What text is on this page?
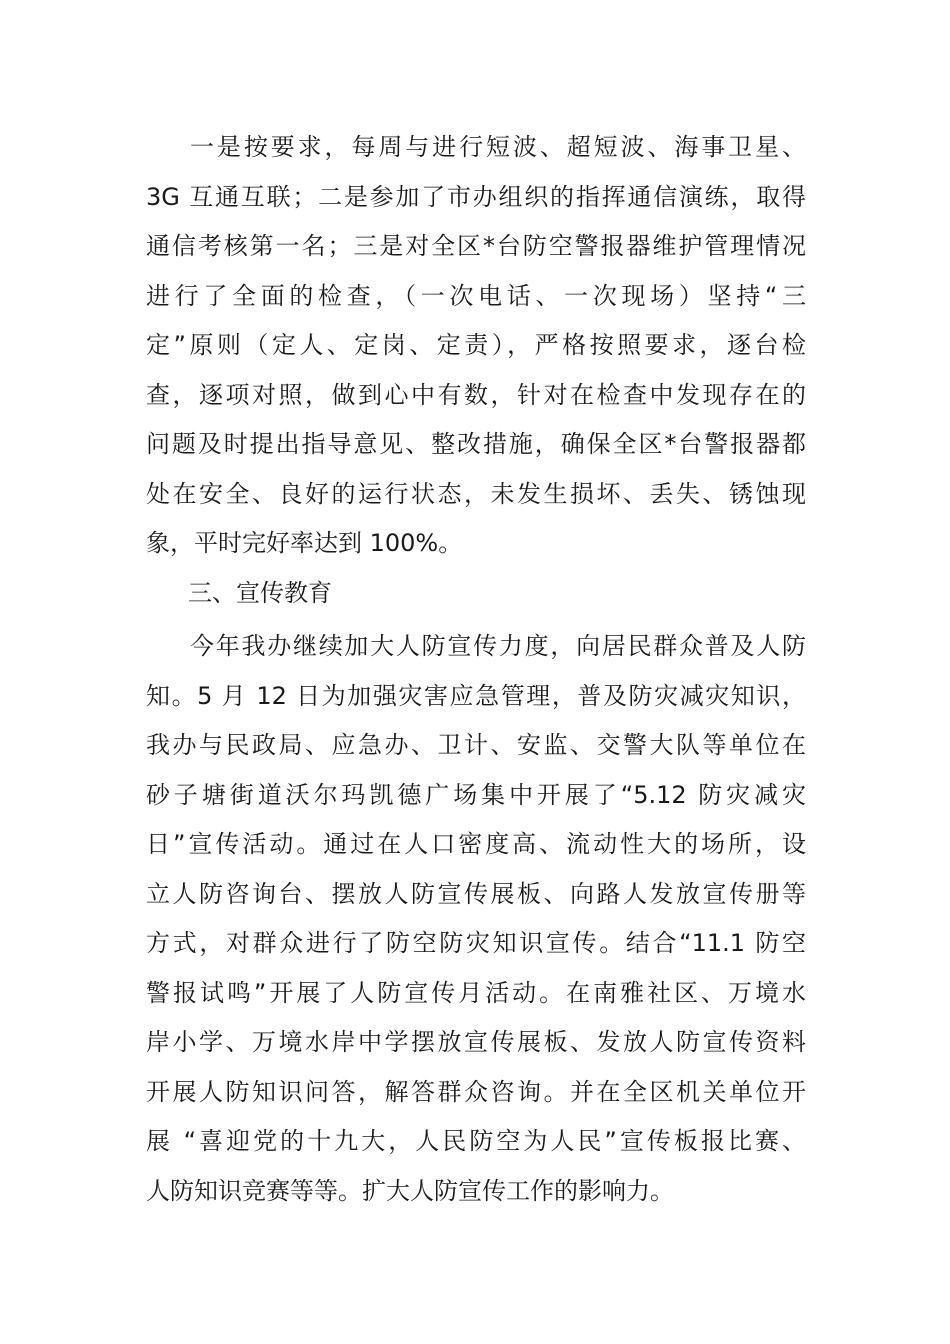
一是按要求，每周与进行短波、超短波、海事卫星、
3G 互通互联；二是参加了市办组织的指挥通信演练，取得
通信考核第一名；三是对全区*台防空警报器维护管理情况
进行了全面的检查，（一次电话、一次现场）坚持“三
定”原则（定人、定岗、定责），严格按照要求，逐台检
查，逐项对照，做到心中有数，针对在检查中发现存在的
问题及时提出指导意见、整改措施，确保全区*台警报器都
处在安全、良好的运行状态，未发生损坏、丢失、锈蚀现
象，平时完好率达到 100%。
三、宣传教育
今年我办继续加大人防宣传力度，向居民群众普及人防
知。5 月 12 日为加强灾害应急管理，普及防灾减灾知识，
我办与民政局、应急办、卫计、安监、交警大队等单位在
砂子塘街道沃尔玛凯德广场集中开展了“5.12 防灾减灾
日”宣传活动。通过在人口密度高、流动性大的场所，设
立人防咨询台、摆放人防宣传展板、向路人发放宣传册等
方式，对群众进行了防空防灾知识宣传。结合“11.1 防空
警报试鸣”开展了人防宣传月活动。在南雅社区、万境水
岸小学、万境水岸中学摆放宣传展板、发放人防宣传资料
开展人防知识问答，解答群众咨询。并在全区机关单位开
展 “喜迎党的十九大，人民防空为人民”宣传板报比赛、
人防知识竞赛等等。扩大人防宣传工作的影响力。
